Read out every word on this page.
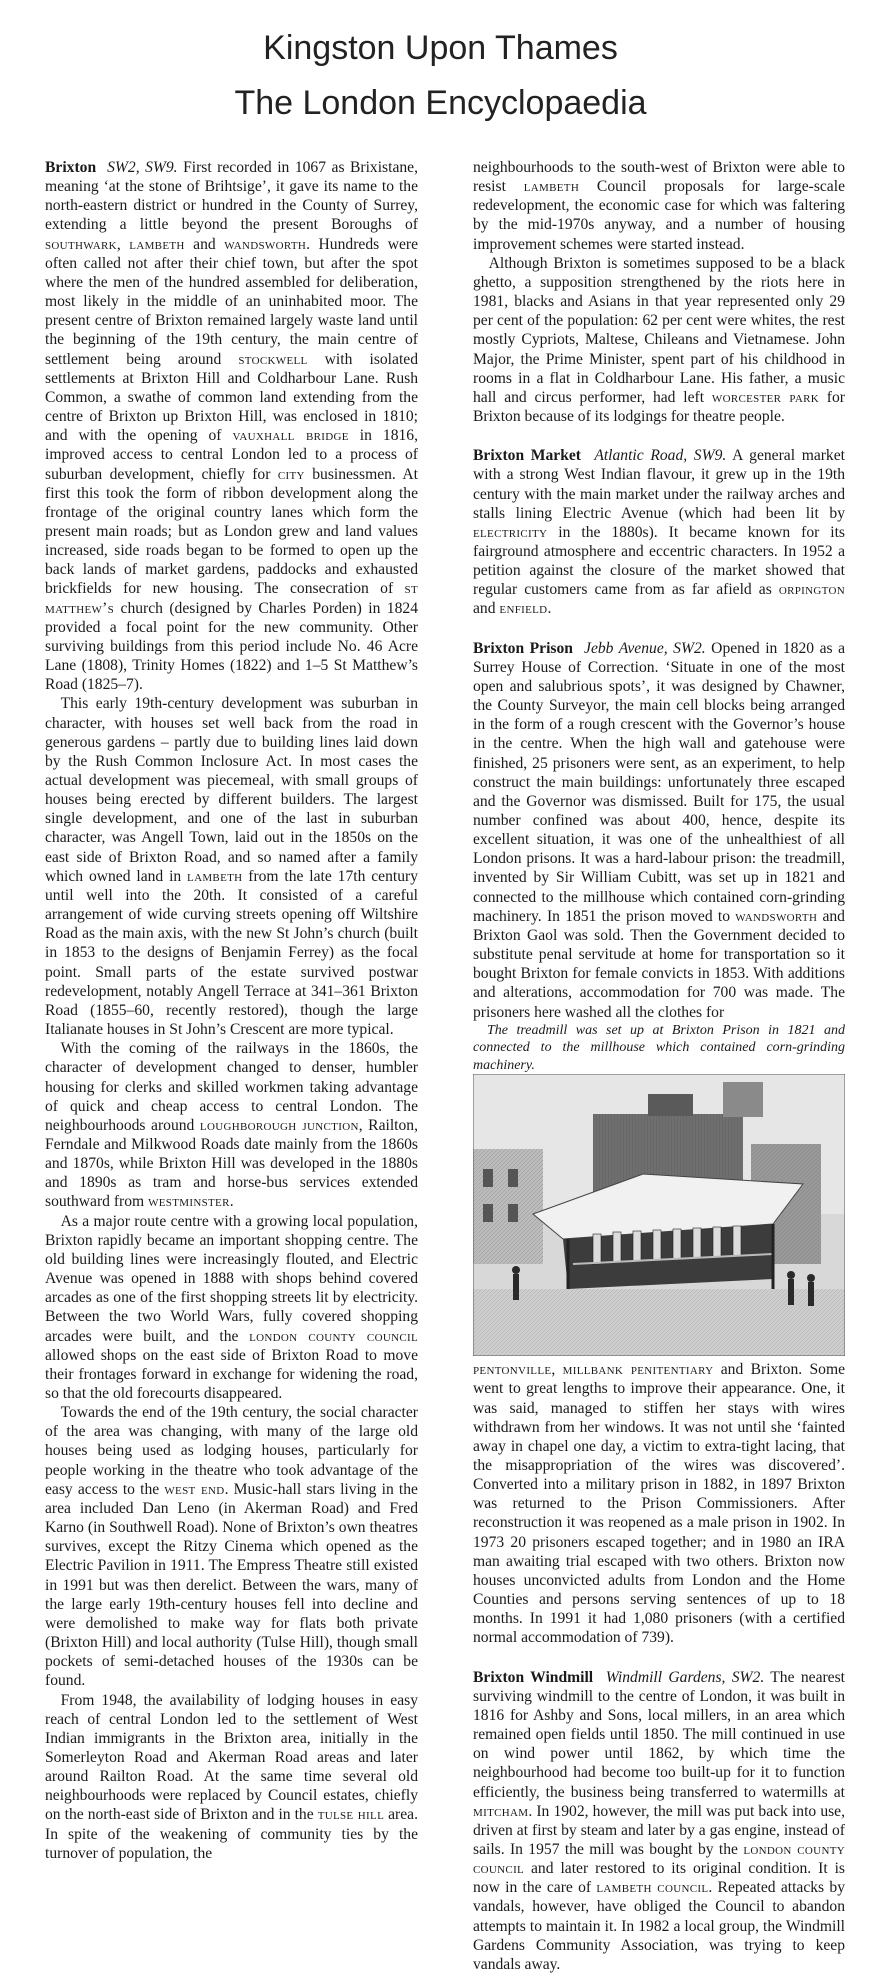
Kingston Upon Thames
The London Encyclopaedia

Brixton SW2, SW9. First recorded in 1067 as Brixistane, meaning ‘at the stone of Brihtsige’, it gave its name to the north-eastern district or hundred in the County of Surrey, extending a little beyond the present Boroughs of southwark, lambeth and wandsworth. Hundreds were often called not after their chief town, but after the spot where the men of the hundred assembled for deliberation, most likely in the middle of an uninhabited moor. The present centre of Brixton remained largely waste land until the beginning of the 19th century, the main centre of settlement being around stockwell with isolated settlements at Brixton Hill and Coldharbour Lane. Rush Common, a swathe of common land extending from the centre of Brixton up Brixton Hill, was enclosed in 1810; and with the opening of vauxhall bridge in 1816, improved access to central London led to a process of suburban development, chiefly for city businessmen. At first this took the form of ribbon development along the frontage of the original country lanes which form the present main roads; but as London grew and land values increased, side roads began to be formed to open up the back lands of market gardens, paddocks and exhausted brickfields for new housing. The consecration of st matthew’s church (designed by Charles Porden) in 1824 provided a focal point for the new community. Other surviving buildings from this period include No. 46 Acre Lane (1808), Trinity Homes (1822) and 1–5 St Matthew’s Road (1825–7).

This early 19th-century development was suburban in character, with houses set well back from the road in generous gardens – partly due to building lines laid down by the Rush Common Inclosure Act. In most cases the actual development was piecemeal, with small groups of houses being erected by different builders. The largest single development, and one of the last in suburban character, was Angell Town, laid out in the 1850s on the east side of Brixton Road, and so named after a family which owned land in lambeth from the late 17th century until well into the 20th. It consisted of a careful arrangement of wide curving streets opening off Wiltshire Road as the main axis, with the new St John’s church (built in 1853 to the designs of Benjamin Ferrey) as the focal point. Small parts of the estate survived postwar redevelopment, notably Angell Terrace at 341–361 Brixton Road (1855–60, recently restored), though the large Italianate houses in St John’s Crescent are more typical.

With the coming of the railways in the 1860s, the character of development changed to denser, humbler housing for clerks and skilled workmen taking advantage of quick and cheap access to central London. The neighbourhoods around loughborough junction, Railton, Ferndale and Milkwood Roads date mainly from the 1860s and 1870s, while Brixton Hill was developed in the 1880s and 1890s as tram and horse-bus services extended southward from westminster.

As a major route centre with a growing local population, Brixton rapidly became an important shopping centre. The old building lines were increasingly flouted, and Electric Avenue was opened in 1888 with shops behind covered arcades as one of the first shopping streets lit by electricity. Between the two World Wars, fully covered shopping arcades were built, and the london county council allowed shops on the east side of Brixton Road to move their frontages forward in exchange for widening the road, so that the old forecourts disappeared.

Towards the end of the 19th century, the social character of the area was changing, with many of the large old houses being used as lodging houses, particularly for people working in the theatre who took advantage of the easy access to the west end. Music-hall stars living in the area included Dan Leno (in Akerman Road) and Fred Karno (in Southwell Road). None of Brixton’s own theatres survives, except the Ritzy Cinema which opened as the Electric Pavilion in 1911. The Empress Theatre still existed in 1991 but was then derelict. Between the wars, many of the large early 19th-century houses fell into decline and were demolished to make way for flats both private (Brixton Hill) and local authority (Tulse Hill), though small pockets of semi-detached houses of the 1930s can be found.

From 1948, the availability of lodging houses in easy reach of central London led to the settlement of West Indian immigrants in the Brixton area, initially in the Somerleyton Road and Akerman Road areas and later around Railton Road. At the same time several old neighbourhoods were replaced by Council estates, chiefly on the north-east side of Brixton and in the tulse hill area. In spite of the weakening of community ties by the turnover of population, the

neighbourhoods to the south-west of Brixton were able to resist lambeth Council proposals for large-scale redevelopment, the economic case for which was faltering by the mid-1970s anyway, and a number of housing improvement schemes were started instead.

Although Brixton is sometimes supposed to be a black ghetto, a supposition strengthened by the riots here in 1981, blacks and Asians in that year represented only 29 per cent of the population: 62 per cent were whites, the rest mostly Cypriots, Maltese, Chileans and Vietnamese. John Major, the Prime Minister, spent part of his childhood in rooms in a flat in Coldharbour Lane. His father, a music hall and circus performer, had left worcester park for Brixton because of its lodgings for theatre people.

Brixton Market Atlantic Road, SW9. A general market with a strong West Indian flavour, it grew up in the 19th century with the main market under the railway arches and stalls lining Electric Avenue (which had been lit by electricity in the 1880s). It became known for its fairground atmosphere and eccentric characters. In 1952 a petition against the closure of the market showed that regular customers came from as far afield as orpington and enfield.

Brixton Prison Jebb Avenue, SW2. Opened in 1820 as a Surrey House of Correction. ‘Situate in one of the most open and salubrious spots’, it was designed by Chawner, the County Surveyor, the main cell blocks being arranged in the form of a rough crescent with the Governor’s house in the centre. When the high wall and gatehouse were finished, 25 prisoners were sent, as an experiment, to help construct the main buildings: unfortunately three escaped and the Governor was dismissed. Built for 175, the usual number confined was about 400, hence, despite its excellent situation, it was one of the unhealthiest of all London prisons. It was a hard-labour prison: the treadmill, invented by Sir William Cubitt, was set up in 1821 and connected to the millhouse which contained corn-grinding machinery. In 1851 the prison moved to wandsworth and Brixton Gaol was sold. Then the Government decided to substitute penal servitude at home for transportation so it bought Brixton for female convicts in 1853. With additions and alterations, accommodation for 700 was made. The prisoners here washed all the clothes for

The treadmill was set up at Brixton Prison in 1821 and connected to the millhouse which contained corn-grinding machinery.

pentonville, millbank penitentiary and Brixton. Some went to great lengths to improve their appearance. One, it was said, managed to stiffen her stays with wires withdrawn from her windows. It was not until she ‘fainted away in chapel one day, a victim to extra-tight lacing, that the misappropriation of the wires was discovered’. Converted into a military prison in 1882, in 1897 Brixton was returned to the Prison Commissioners. After reconstruction it was reopened as a male prison in 1902. In 1973 20 prisoners escaped together; and in 1980 an IRA man awaiting trial escaped with two others. Brixton now houses unconvicted adults from London and the Home Counties and persons serving sentences of up to 18 months. In 1991 it had 1,080 prisoners (with a certified normal accommodation of 739).

Brixton Windmill Windmill Gardens, SW2. The nearest surviving windmill to the centre of London, it was built in 1816 for Ashby and Sons, local millers, in an area which remained open fields until 1850. The mill continued in use on wind power until 1862, by which time the neighbourhood had become too built-up for it to function efficiently, the business being transferred to watermills at mitcham. In 1902, however, the mill was put back into use, driven at first by steam and later by a gas engine, instead of sails. In 1957 the mill was bought by the london county council and later restored to its original condition. It is now in the care of lambeth council. Repeated attacks by vandals, however, have obliged the Council to abandon attempts to maintain it. In 1982 a local group, the Windmill Gardens Community Association, was trying to keep vandals away.
